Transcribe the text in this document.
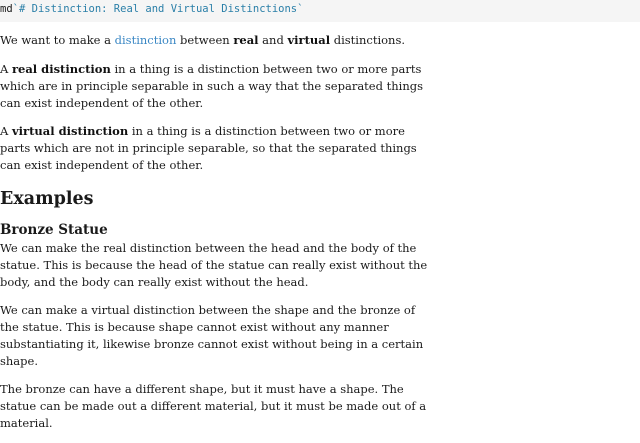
md`# Distinction: Real and Virtual Distinctions`

We want to make a distinction between real and virtual distinctions.

A real distinction in a thing is a distinction between two or more parts which are in principle separable in such a way that the separated things can exist independent of the other.

A virtual distinction in a thing is a distinction between two or more parts which are not in principle separable, so that the separated things can exist independent of the other.

Examples
Bronze Statue

We can make the real distinction between the head and the body of the statue. This is because the head of the statue can really exist without the body, and the body can really exist without the head.

We can make a virtual distinction between the shape and the bronze of the statue. This is because shape cannot exist without any manner substantiating it, likewise bronze cannot exist without being in a certain shape.

The bronze can have a different shape, but it must have a shape. The statue can be made out a different material, but it must be made out of a material.
